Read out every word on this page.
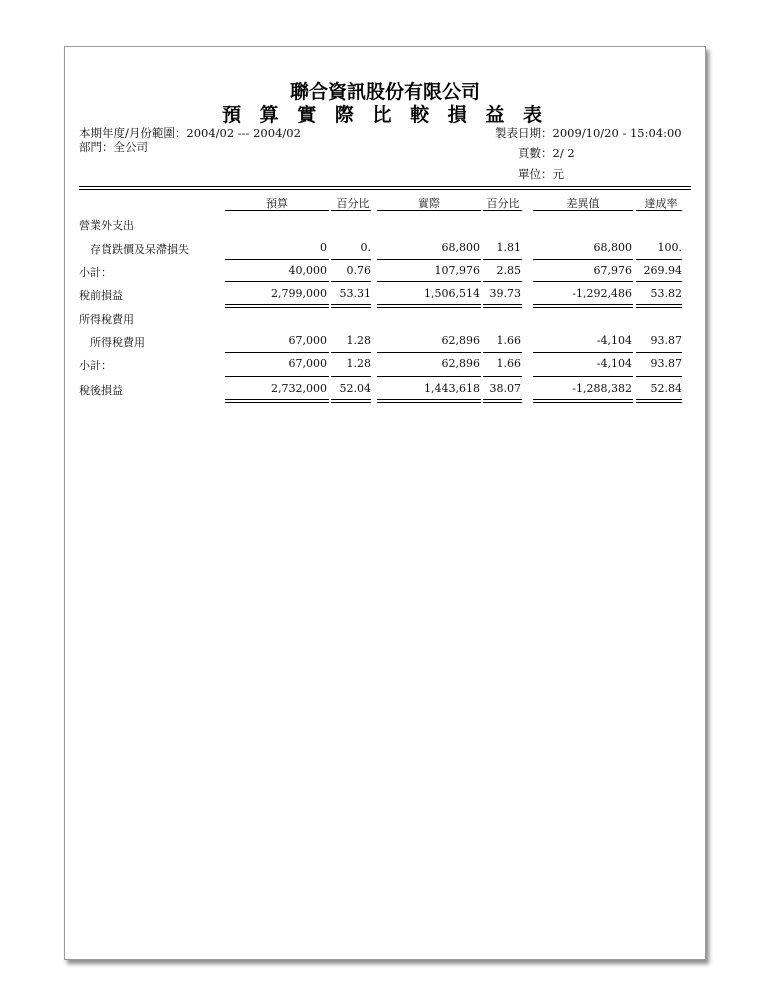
聯合資訊股份有限公司
預 算 實 際 比 較 損 益 表
本期年度/月份範圍：2004/02 --- 2004/02
部門：全公司
製表日期：2009/10/20 - 15:04:00
頁數：2/ 2
單位：元
預算	百分比	實際	百分比	差異值	達成率
營業外支出
　存貨跌價及呆滯損失	0	0.	68,800 1.81	68,800 100.
小計：	40,000 0.76	107,976 2.85	67,976 269.94
稅前損益	2,799,000 53.31	1,506,514 39.73	-1,292,486 53.82
所得稅費用
　所得稅費用	67,000 1.28	62,896 1.66	-4,104 93.87
小計：	67,000 1.28	62,896 1.66	-4,104 93.87
稅後損益	2,732,000 52.04	1,443,618 38.07	-1,288,382 52.84
